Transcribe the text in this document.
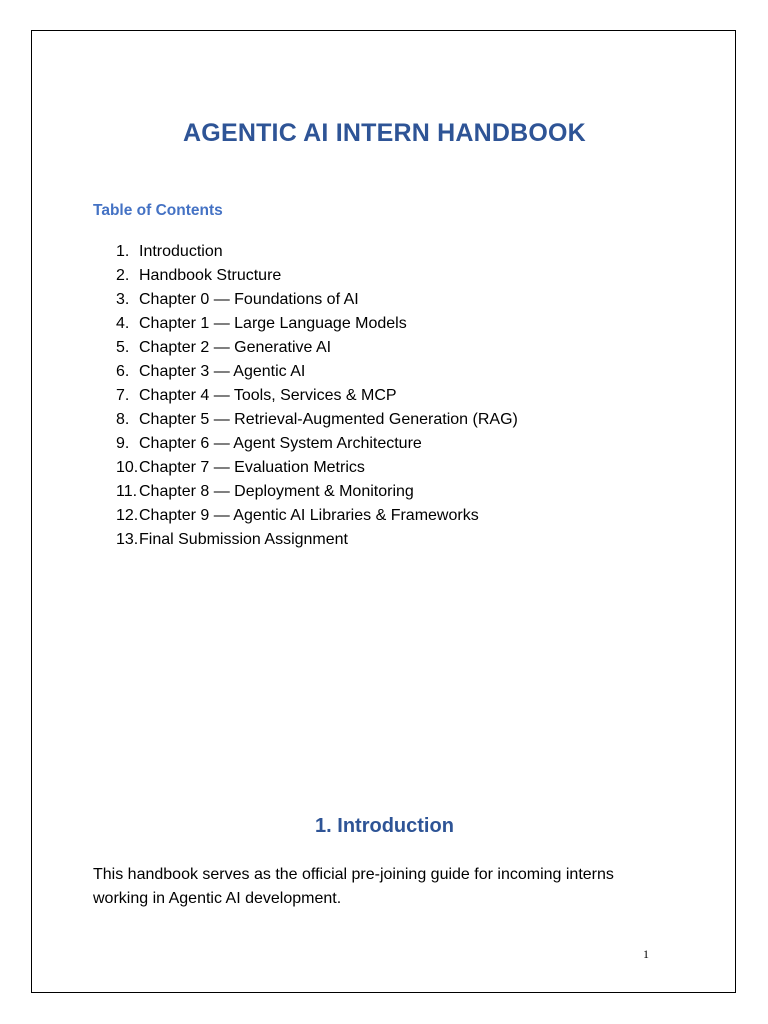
AGENTIC AI INTERN HANDBOOK
Table of Contents
1. Introduction
2. Handbook Structure
3. Chapter 0 — Foundations of AI
4. Chapter 1 — Large Language Models
5. Chapter 2 — Generative AI
6. Chapter 3 — Agentic AI
7. Chapter 4 — Tools, Services & MCP
8. Chapter 5 — Retrieval-Augmented Generation (RAG)
9. Chapter 6 — Agent System Architecture
10. Chapter 7 — Evaluation Metrics
11. Chapter 8 — Deployment & Monitoring
12. Chapter 9 — Agentic AI Libraries & Frameworks
13. Final Submission Assignment
1. Introduction

This handbook serves as the official pre-joining guide for incoming interns working in Agentic AI development.

1
